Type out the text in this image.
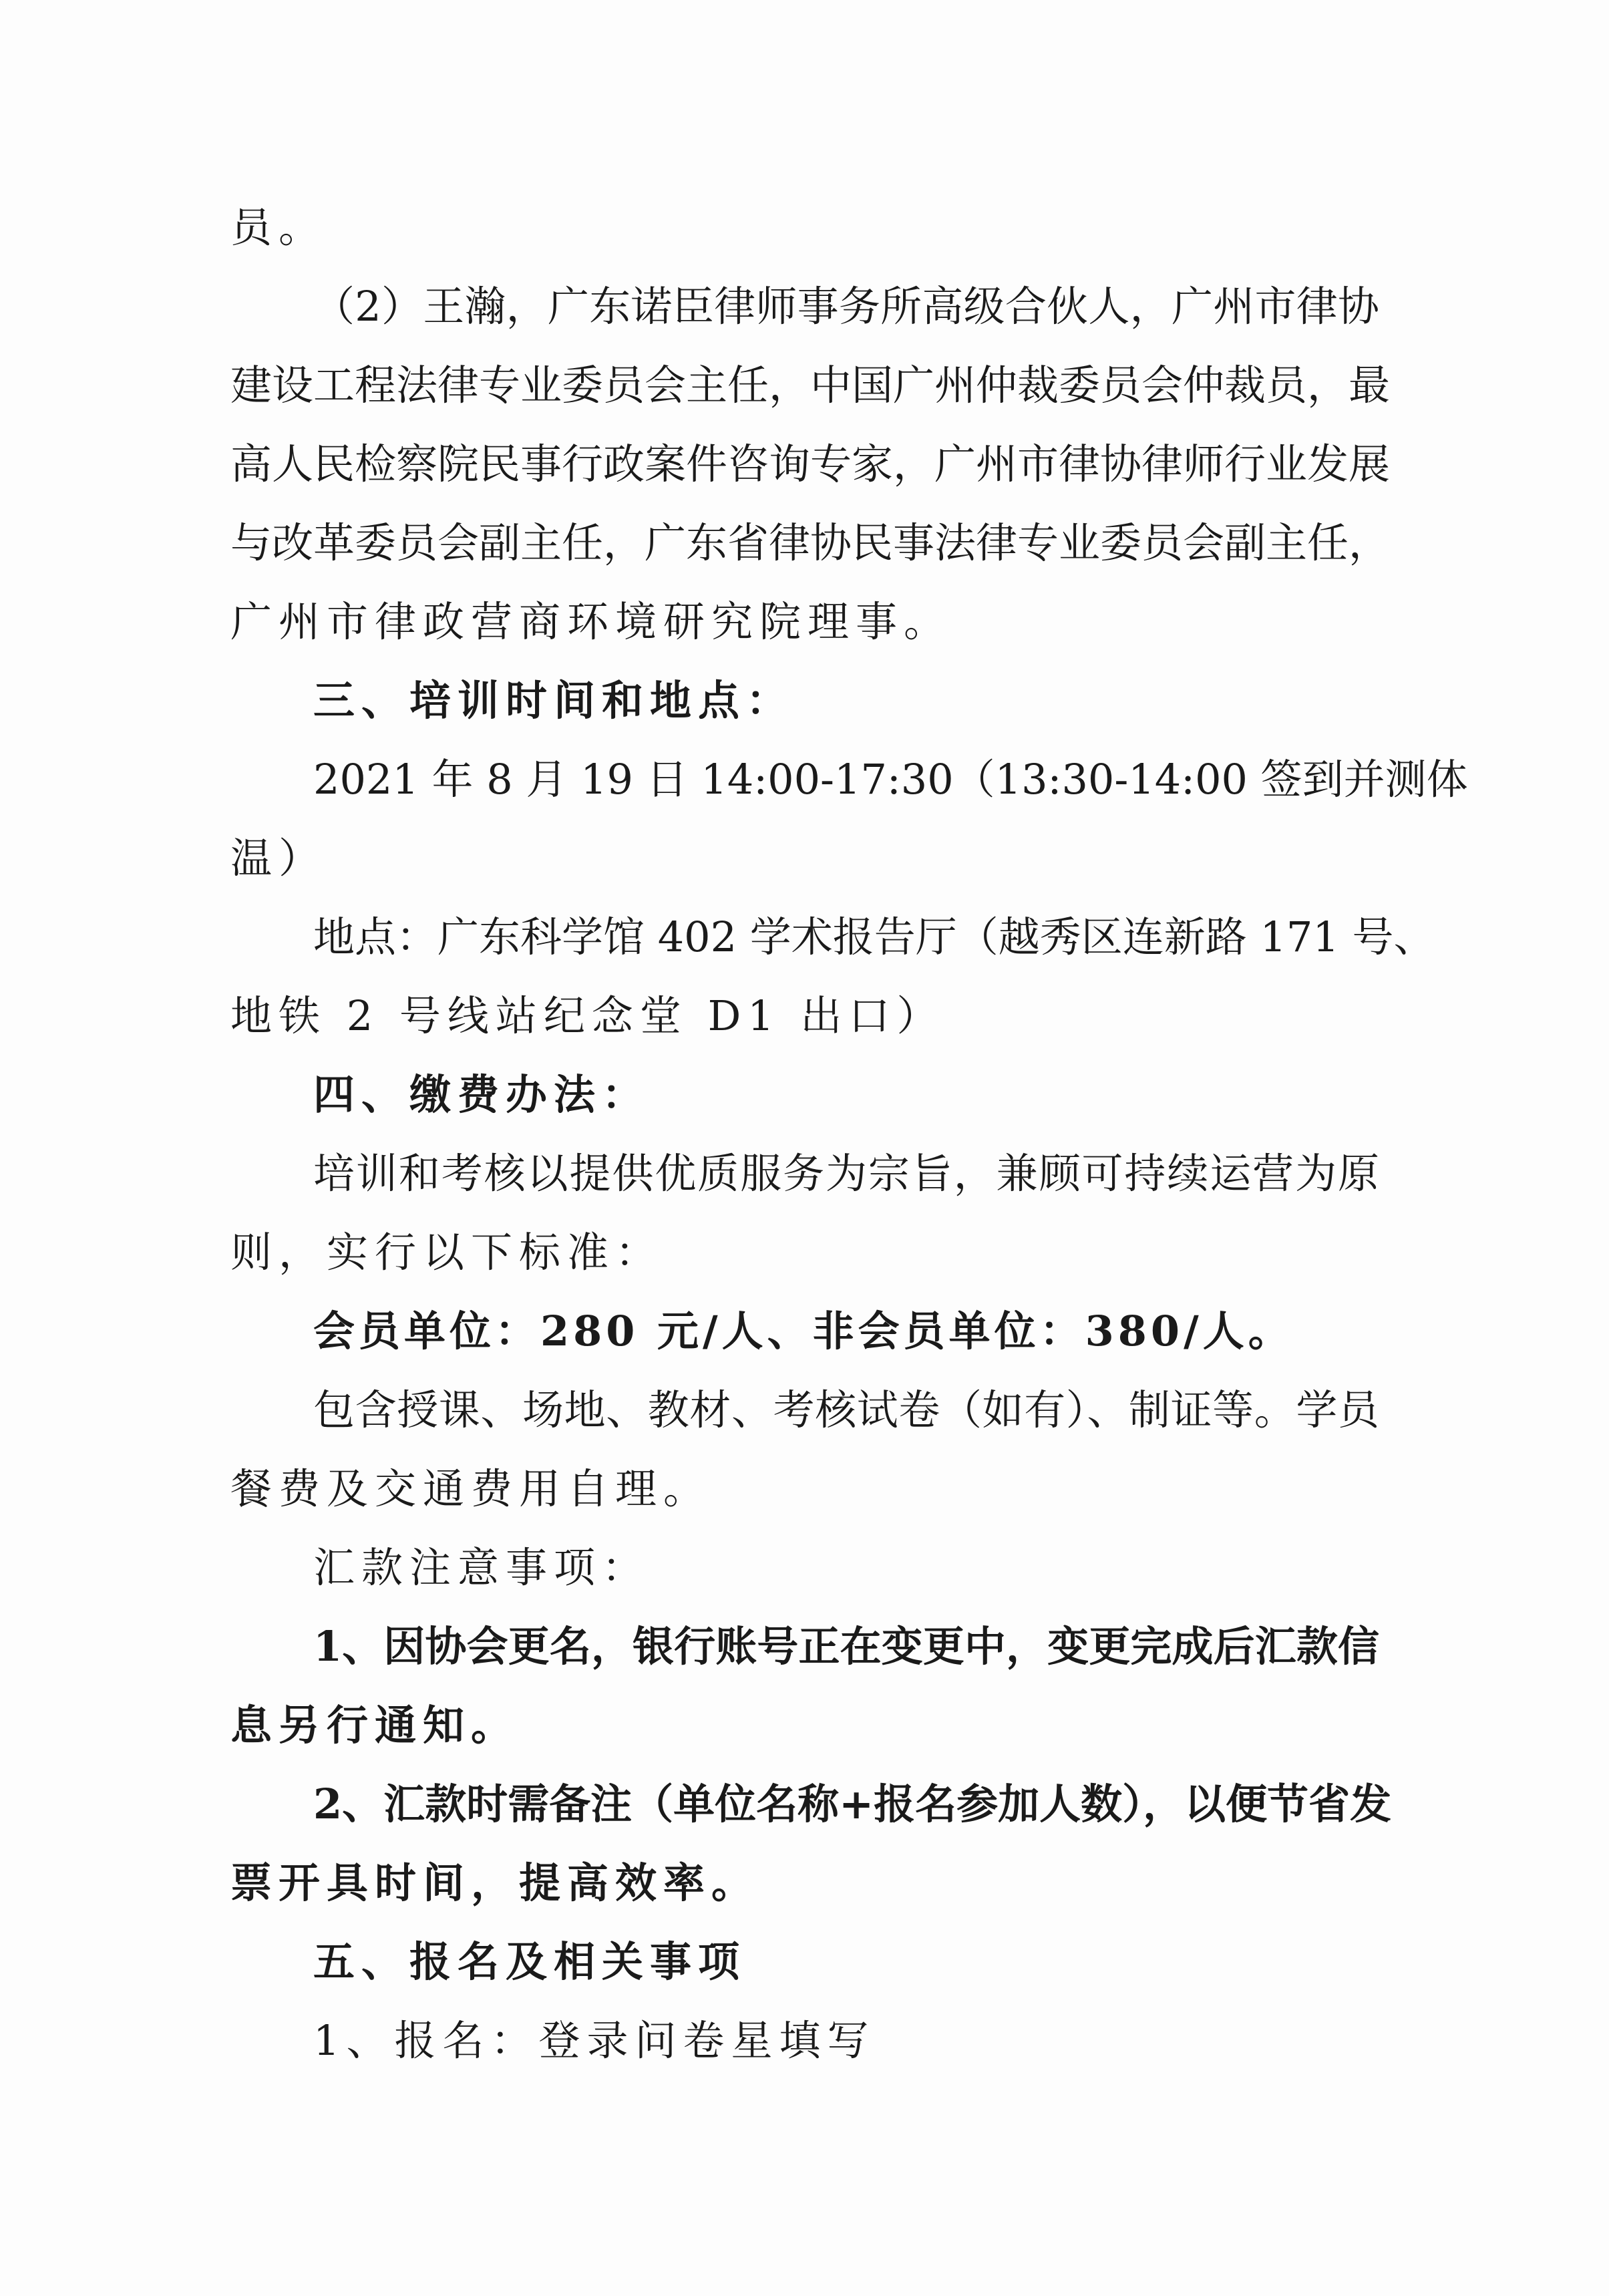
员。
（2）王瀚，广东诺臣律师事务所高级合伙人，广州市律协
建设工程法律专业委员会主任，中国广州仲裁委员会仲裁员，最
高人民检察院民事行政案件咨询专家，广州市律协律师行业发展
与改革委员会副主任，广东省律协民事法律专业委员会副主任，
广州市律政营商环境研究院理事。
三、培训时间和地点：
2021 年 8 月 19 日 14:00-17:30（13:30-14:00 签到并测体
温）
地点：广东科学馆 402 学术报告厅（越秀区连新路 171 号、
地铁 2 号线站纪念堂 D1 出口）
四、缴费办法：
培训和考核以提供优质服务为宗旨，兼顾可持续运营为原
则，实行以下标准：
会员单位：280 元/人、非会员单位：380/人。
包含授课、场地、教材、考核试卷（如有）、制证等。学员
餐费及交通费用自理。
汇款注意事项：
1、因协会更名，银行账号正在变更中，变更完成后汇款信
息另行通知。
2、汇款时需备注（单位名称+报名参加人数），以便节省发
票开具时间，提高效率。
五、报名及相关事项
1、报名：登录问卷星填写
